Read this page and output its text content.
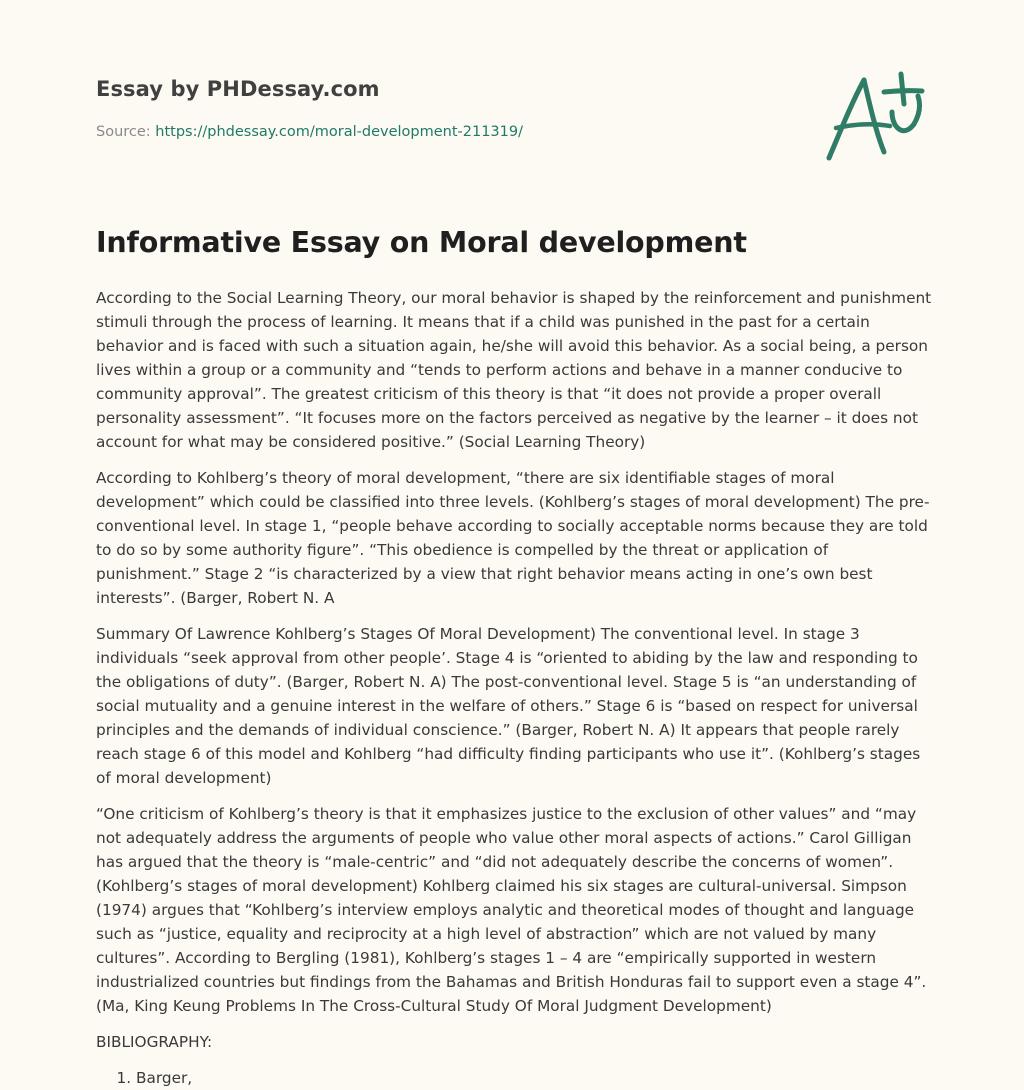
Essay by PHDessay.com

Source: https://phdessay.com/moral-development-211319/

Informative Essay on Moral development

According to the Social Learning Theory, our moral behavior is shaped by the reinforcement and punishment stimuli through the process of learning. It means that if a child was punished in the past for a certain behavior and is faced with such a situation again, he/she will avoid this behavior. As a social being, a person lives within a group or a community and “tends to perform actions and behave in a manner conducive to community approval”. The greatest criticism of this theory is that “it does not provide a proper overall personality assessment”. “It focuses more on the factors perceived as negative by the learner – it does not account for what may be considered positive.” (Social Learning Theory)

According to Kohlberg’s theory of moral development, “there are six identifiable stages of moral development” which could be classified into three levels. (Kohlberg’s stages of moral development) The pre-conventional level. In stage 1, “people behave according to socially acceptable norms because they are told to do so by some authority figure”. “This obedience is compelled by the threat or application of punishment.” Stage 2 “is characterized by a view that right behavior means acting in one’s own best interests”. (Barger, Robert N. A

Summary Of Lawrence Kohlberg’s Stages Of Moral Development) The conventional level. In stage 3 individuals “seek approval from other people’. Stage 4 is “oriented to abiding by the law and responding to the obligations of duty”. (Barger, Robert N. A) The post-conventional level. Stage 5 is “an understanding of social mutuality and a genuine interest in the welfare of others.” Stage 6 is “based on respect for universal principles and the demands of individual conscience.” (Barger, Robert N. A) It appears that people rarely reach stage 6 of this model and Kohlberg “had difficulty finding participants who use it”. (Kohlberg’s stages of moral development)

“One criticism of Kohlberg’s theory is that it emphasizes justice to the exclusion of other values” and “may not adequately address the arguments of people who value other moral aspects of actions.” Carol Gilligan has argued that the theory is “male-centric” and “did not adequately describe the concerns of women”. (Kohlberg’s stages of moral development) Kohlberg claimed his six stages are cultural-universal. Simpson (1974) argues that “Kohlberg’s interview employs analytic and theoretical modes of thought and language such as “justice, equality and reciprocity at a high level of abstraction” which are not valued by many cultures”. According to Bergling (1981), Kohlberg’s stages 1 – 4 are “empirically supported in western industrialized countries but findings from the Bahamas and British Honduras fail to support even a stage 4”. (Ma, King Keung Problems In The Cross-Cultural Study Of Moral Judgment Development)

BIBLIOGRAPHY:

1. Barger,
